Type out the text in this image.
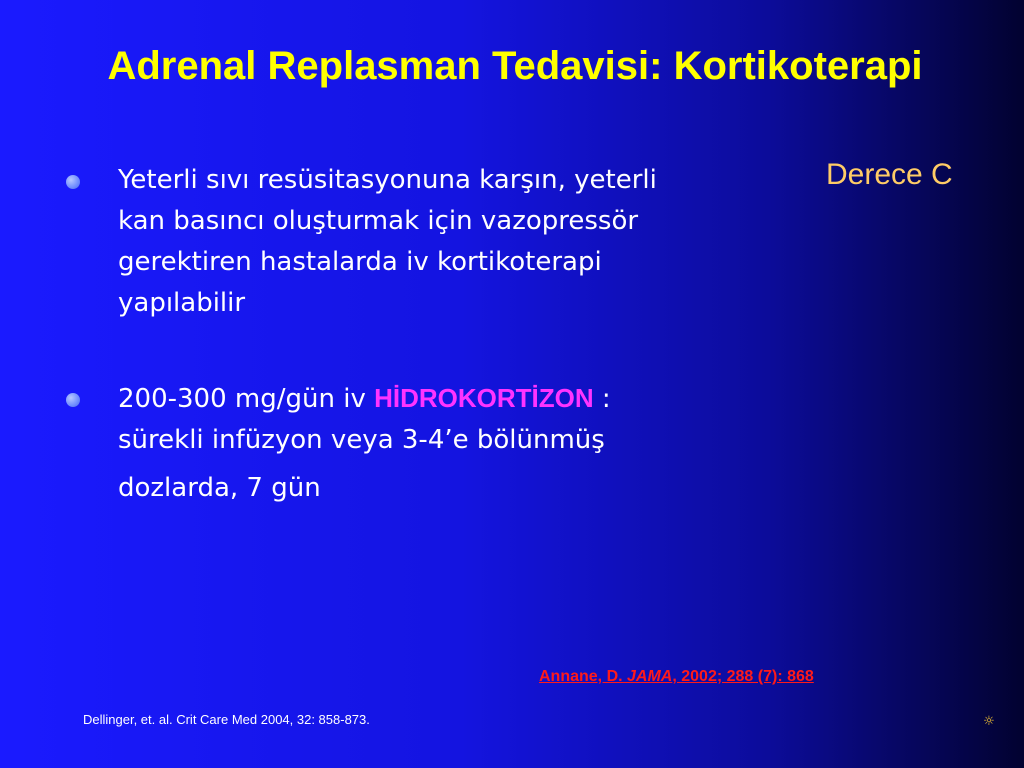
Adrenal Replasman Tedavisi: Kortikoterapi
Derece C
Yeterli sıvı resüsitasyonuna karşın, yeterli
kan basıncı oluşturmak için vazopressör
gerektiren hastalarda iv kortikoterapi
yapılabilir
200-300 mg/gün iv HİDROKORTİZON :
sürekli infüzyon veya 3-4’e bölünmüş
dozlarda, 7 gün
Annane, D. JAMA, 2002; 288 (7): 868
Dellinger, et. al. Crit Care Med 2004, 32: 858-873.	☼
